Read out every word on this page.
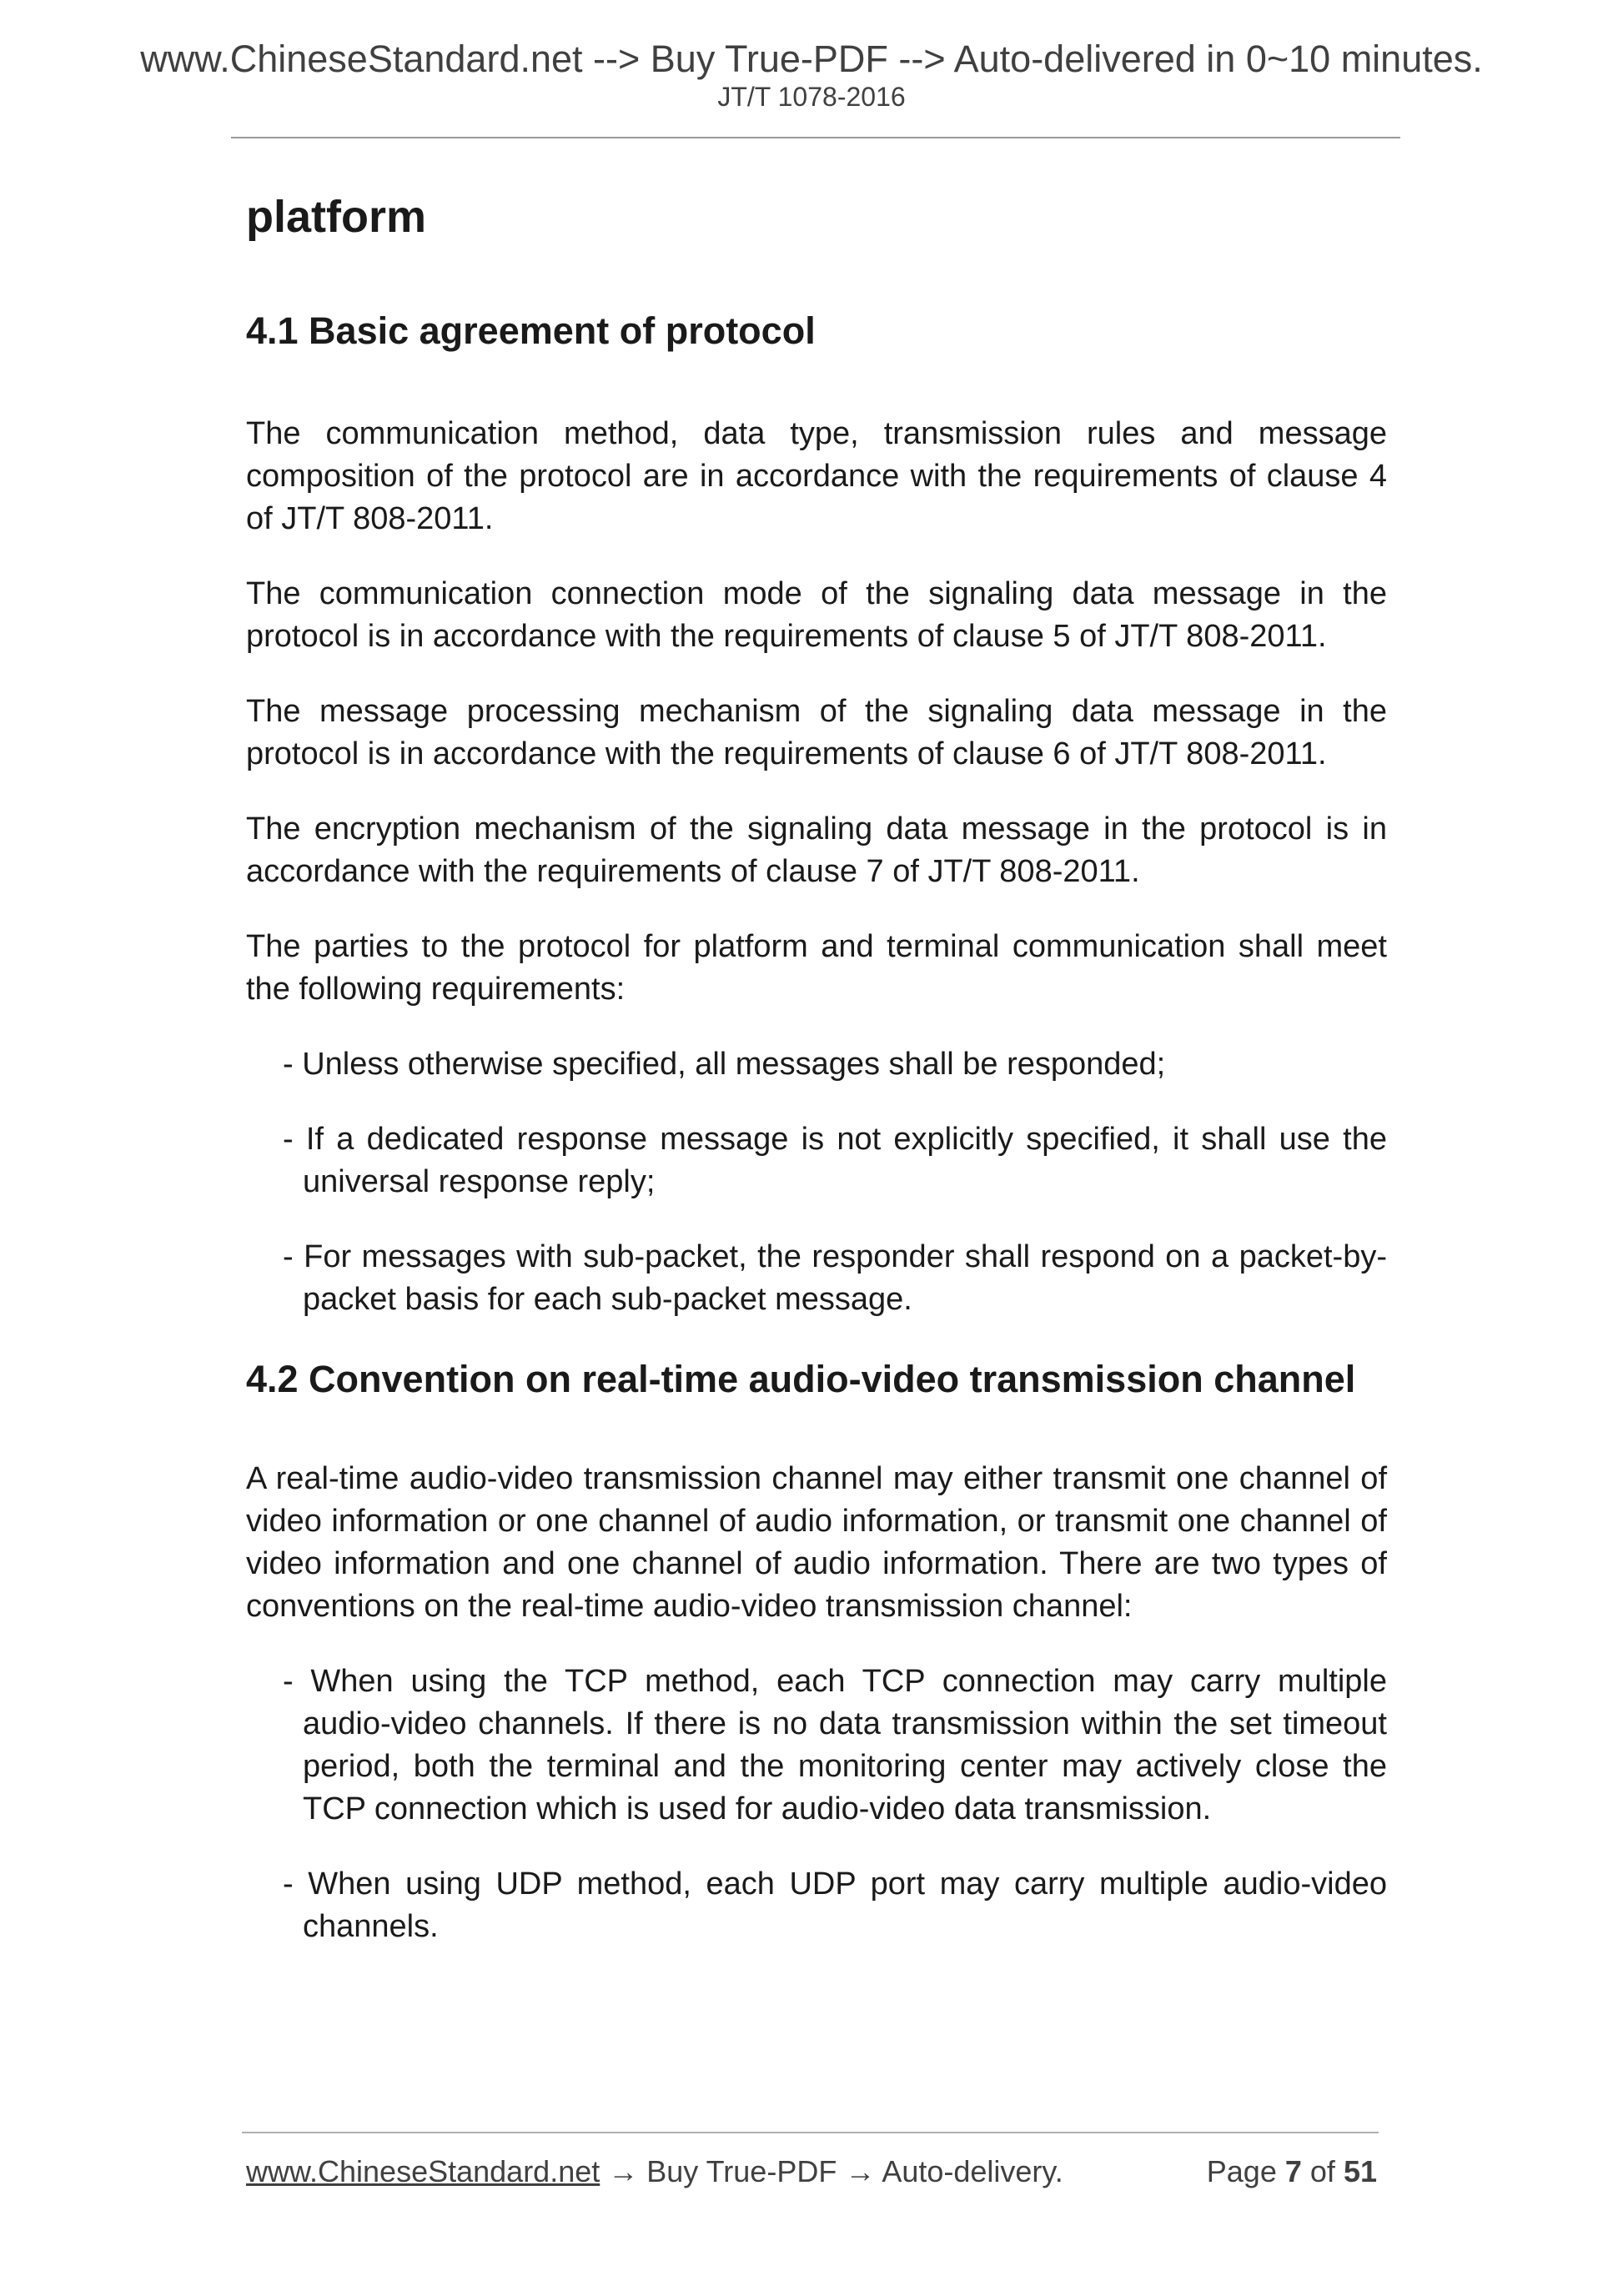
www.ChineseStandard.net --> Buy True-PDF --> Auto-delivered in 0~10 minutes.
JT/T 1078-2016
platform
4.1 Basic agreement of protocol

The communication method, data type, transmission rules and message composition of the protocol are in accordance with the requirements of clause 4 of JT/T 808-2011.

The communication connection mode of the signaling data message in the protocol is in accordance with the requirements of clause 5 of JT/T 808-2011.

The message processing mechanism of the signaling data message in the protocol is in accordance with the requirements of clause 6 of JT/T 808-2011.

The encryption mechanism of the signaling data message in the protocol is in accordance with the requirements of clause 7 of JT/T 808-2011.

The parties to the protocol for platform and terminal communication shall meet the following requirements:

- Unless otherwise specified, all messages shall be responded;

- If a dedicated response message is not explicitly specified, it shall use the universal response reply;

- For messages with sub-packet, the responder shall respond on a packet-by-packet basis for each sub-packet message.

4.2 Convention on real-time audio-video transmission channel

A real-time audio-video transmission channel may either transmit one channel of video information or one channel of audio information, or transmit one channel of video information and one channel of audio information. There are two types of conventions on the real-time audio-video transmission channel:

- When using the TCP method, each TCP connection may carry multiple audio-video channels. If there is no data transmission within the set timeout period, both the terminal and the monitoring center may actively close the TCP connection which is used for audio-video data transmission.

- When using UDP method, each UDP port may carry multiple audio-video channels.

www.ChineseStandard.net → Buy True-PDF → Auto-delivery.	Page 7 of 51
